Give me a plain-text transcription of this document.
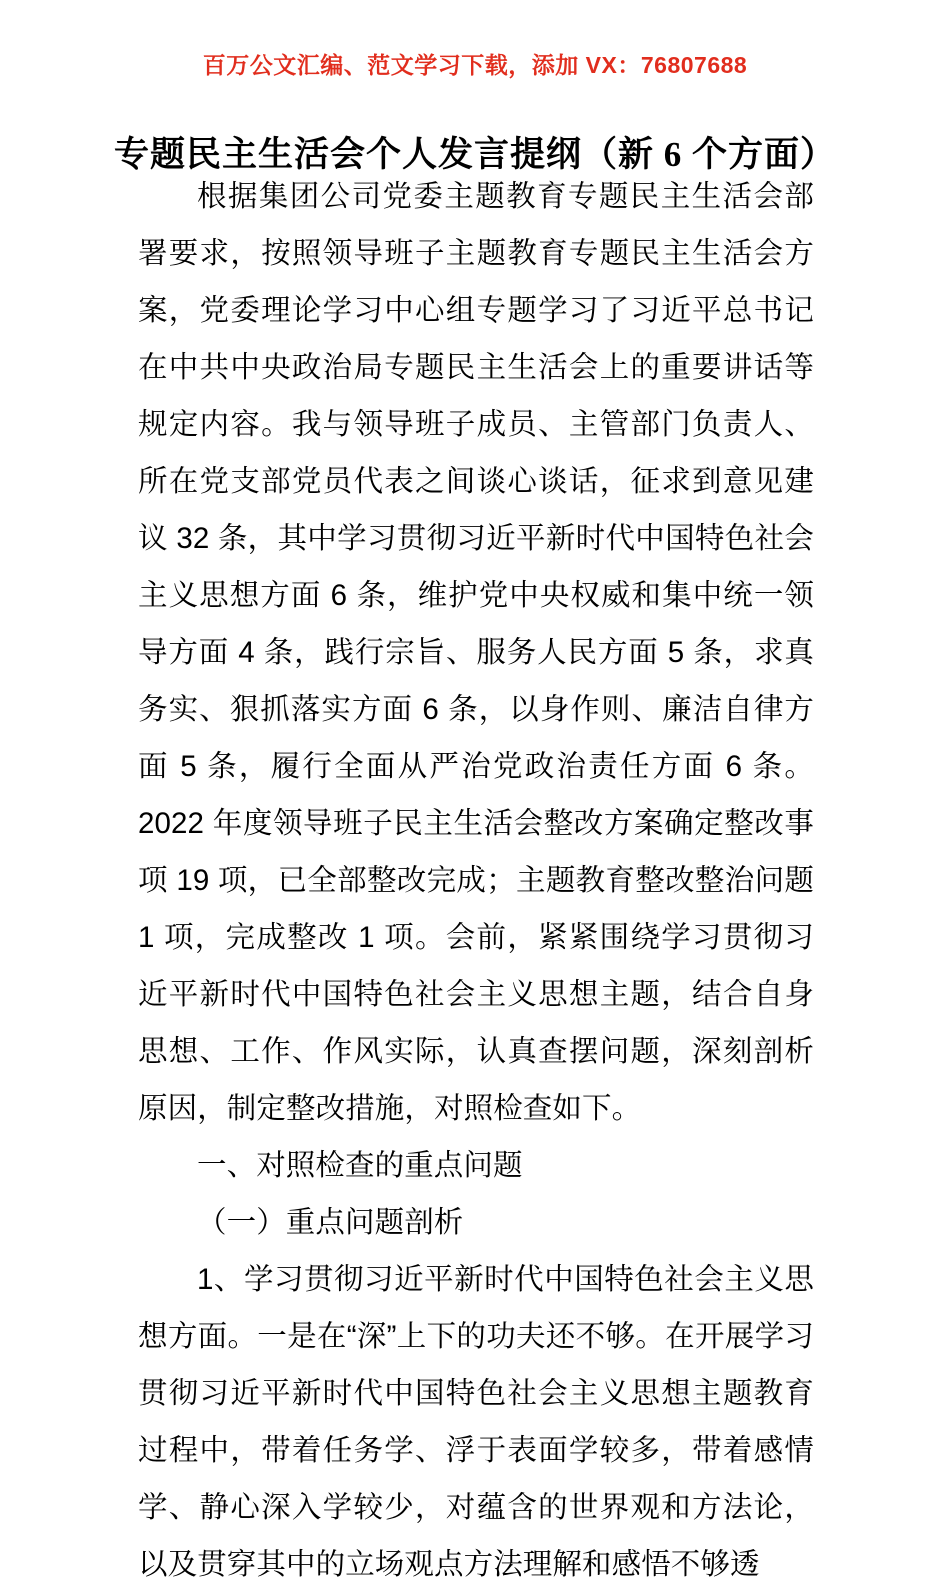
百万公文汇编、范文学习下载，添加 VX：76807688
专题民主生活会个人发言提纲（新 6 个方面）

根据集团公司党委主题教育专题民主生活会部署要求，按照领导班子主题教育专题民主生活会方案，党委理论学习中心组专题学习了习近平总书记在中共中央政治局专题民主生活会上的重要讲话等规定内容。我与领导班子成员、主管部门负责人、所在党支部党员代表之间谈心谈话，征求到意见建议 32 条，其中学习贯彻习近平新时代中国特色社会主义思想方面 6 条，维护党中央权威和集中统一领导方面 4 条，践行宗旨、服务人民方面 5 条，求真务实、狠抓落实方面 6 条，以身作则、廉洁自律方面 5 条，履行全面从严治党政治责任方面 6 条。2022 年度领导班子民主生活会整改方案确定整改事项 19 项，已全部整改完成；主题教育整改整治问题 1 项，完成整改 1 项。会前，紧紧围绕学习贯彻习近平新时代中国特色社会主义思想主题，结合自身思想、工作、作风实际，认真查摆问题，深刻剖析原因，制定整改措施，对照检查如下。

一、对照检查的重点问题

（一）重点问题剖析

1、学习贯彻习近平新时代中国特色社会主义思想方面。一是在“深”上下的功夫还不够。在开展学习贯彻习近平新时代中国特色社会主义思想主题教育过程中，带着任务学、浮于表面学较多，带着感情学、静心深入学较少，对蕴含的世界观和方法论，以及贯穿其中的立场观点方法理解和感悟不够透
